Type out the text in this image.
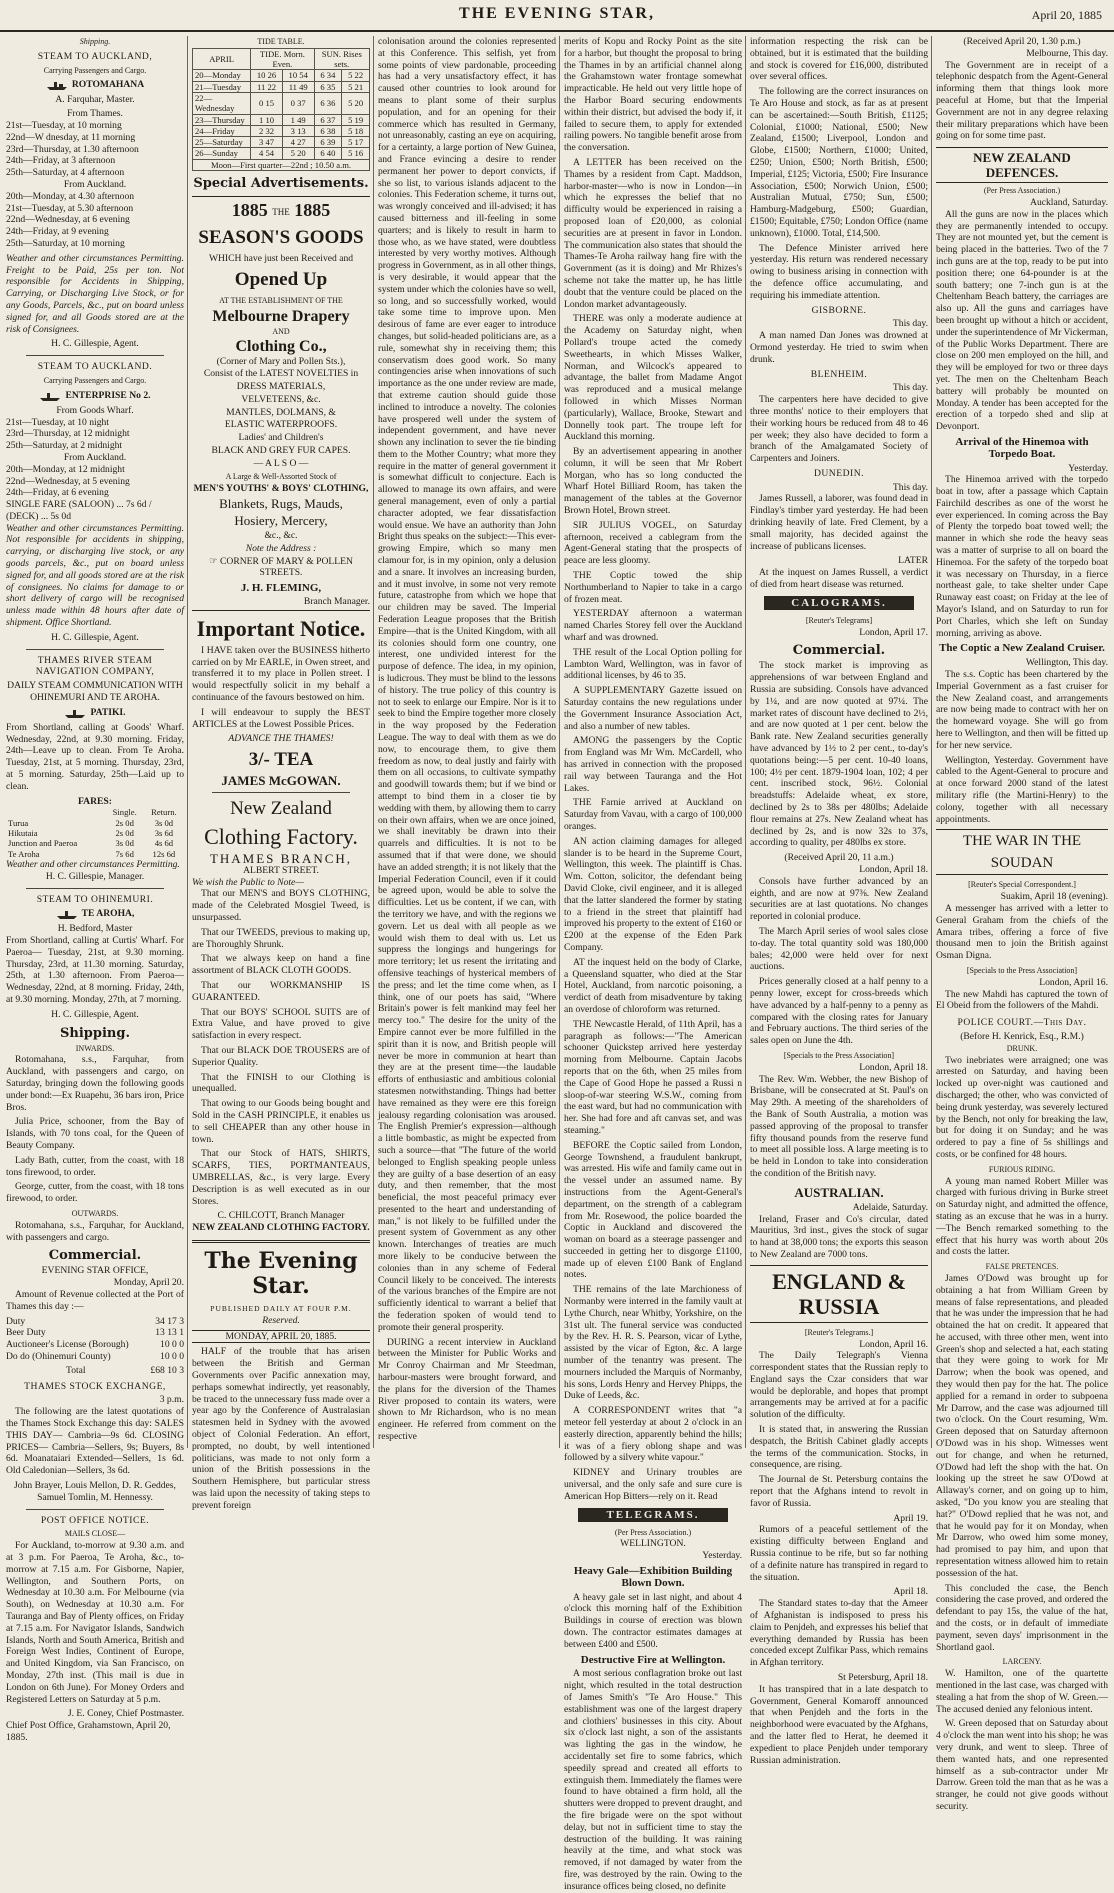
THE EVENING STAR,	April 20, 1885
Shipping.
STEAM TO AUCKLAND,
Carrying Passengers and Cargo.
ROTOMAHANA
A. Farquhar, Master.
From Thames.
21st—Tuesday, at 10 morning
22nd—W dnesday, at 11 morning
23rd—Thursday, at 1.30 afternoon
24th—Friday, at 3 afternoon
25th—Saturday, at 4 afternoon
From Auckland.
20th—Monday, at 4.30 afternoon
21st—Tuesday, at 5.30 afternoon
22nd—Wednesday, at 6 evening
24th—Friday, at 9 evening
25th—Saturday, at 10 morning

Weather and other circumstances Permitting. Freight to be Paid, 25s per ton. Not responsible for Accidents in Shipping, Carrying, or Discharging Live Stock, or for any Goods, Parcels, &c., put on board unless signed for, and all Goods stored are at the risk of Consignees.

H. C. Gillespie, Agent.
STEAM TO AUCKLAND.
Carrying Passengers and Cargo.
ENTERPRISE No 2.
From Goods Wharf.
21st—Tuesday, at 10 night
23rd—Thursday, at 12 midnight
25th—Saturday, at 2 midnight
From Auckland.
20th—Monday, at 12 midnight
22nd—Wednesday, at 5 evening
24th—Friday, at 6 evening
SINGLE FARE (SALOON) ... 7s 6d / (DECK) ... 5s 0d

Weather and other circumstances Permitting. Not responsible for accidents in shipping, carrying, or discharging live stock, or any goods parcels, &c., put on board unless signed for, and all goods stored are at the risk of consignees. No claims for damage to or short delivery of cargo will be recognised unless made within 48 hours after date of shipment. Office Shortland.

H. C. Gillespie, Agent.
THAMES RIVER STEAM NAVIGATION COMPANY,
DAILY STEAM COMMUNICATION WITH OHINEMURI AND TE AROHA.
PATIKI.

From Shortland, calling at Goods' Wharf. Wednesday, 22nd, at 9.30 morning. Friday, 24th—Leave up to clean. From Te Aroha. Tuesday, 21st, at 5 morning. Thursday, 23rd, at 5 morning. Saturday, 25th—Laid up to clean.

FARES:
	Single.	Return.
Turua	2s 0d	3s 0d
Hikutaia	2s 0d	3s 6d
Junction and Paeroa	3s 0d	4s 6d
Te Aroha	7s 6d	12s 6d
Weather and other circumstances Permitting.
H. C. Gillespie, Manager.
STEAM TO OHINEMURI.
TE AROHA,
H. Bedford, Master

From Shortland, calling at Curtis' Wharf. For Paeroa— Tuesday, 21st, at 9.30 morning. Thursday, 23rd, at 11.30 morning. Saturday, 25th, at 1.30 afternoon. From Paeroa— Wednesday, 22nd, at 8 morning. Friday, 24th, at 9.30 morning. Monday, 27th, at 7 morning.

H. C. Gillespie, Agent.
Shipping.
INWARDS.

Rotomahana, s.s., Farquhar, from Auckland, with passengers and cargo, on Saturday, bringing down the following goods under bond:—Ex Ruapehu, 36 bars iron, Price Bros.

Julia Price, schooner, from the Bay of Islands, with 70 tons coal, for the Queen of Beauty Company.

Lady Bath, cutter, from the coast, with 18 tons firewood, to order.

George, cutter, from the coast, with 18 tons firewood, to order.

OUTWARDS.

Rotomahana, s.s., Farquhar, for Auckland, with passengers and cargo.

Commercial.
EVENING STAR OFFICE,
Monday, April 20.

Amount of Revenue collected at the Port of Thames this day :—

Duty	34 17 3
Beer Duty	13 13 1
Auctioneer's License (Borough)	10 0 0
Do do (Ohinemuri County)	10 0 0
Total	£68 10 3
THAMES STOCK EXCHANGE,
3 p.m.

The following are the latest quotations of the Thames Stock Exchange this day: SALES THIS DAY— Cambria—9s 6d. CLOSING PRICES— Cambria—Sellers, 9s; Buyers, 8s 6d. Moanataiari Extended—Sellers, 1s 6d. Old Caledonian—Sellers, 3s 6d.

John Brayer, Louis Mellon, D. R. Geddes, Samuel Tomlin, M. Hennessy.
POST OFFICE NOTICE.
MAILS CLOSE—

For Auckland, to-morrow at 9.30 a.m. and at 3 p.m. For Paeroa, Te Aroha, &c., to-morrow at 7.15 a.m. For Gisborne, Napier, Wellington, and Southern Ports, on Wednesday at 10.30 a.m. For Melbourne (via South), on Wednesday at 10.30 a.m. For Tauranga and Bay of Plenty offices, on Friday at 7.15 a.m. For Navigator Islands, Sandwich Islands, North and South America, British and Foreign West Indies, Continent of Europe, and United Kingdom, via San Francisco, on Monday, 27th inst. (This mail is due in London on 6th June). For Money Orders and Registered Letters on Saturday at 5 p.m.

J. E. Coney, Chief Postmaster.
Chief Post Office, Grahamstown, April 20, 1885.
TIDE TABLE.
APRIL	TIDE. Morn. Even.		SUN. Rises sets.	
20—Monday	10 26	10 54	6 34	5 22
21—Tuesday	11 22	11 49	6 35	5 21
22—Wednesday	0 15	0 37	6 36	5 20
23—Thursday	1 10	1 49	6 37	5 19
24—Friday	2 32	3 13	6 38	5 18
25—Saturday	3 47	4 27	6 39	5 17
26—Sunday	4 54	5 20	6 40	5 16
Moon—First quarter—22nd ; 10.50 a.m.				
Special Advertisements.
1885 THE 1885
SEASON'S GOODS
WHICH have just been Received and
Opened Up
AT THE ESTABLISHMENT OF THE
Melbourne Drapery
AND
Clothing Co.,
(Corner of Mary and Pollen Sts.),
Consist of the LATEST NOVELTIES in
DRESS MATERIALS,
VELVETEENS, &c.
MANTLES, DOLMANS, &
ELASTIC WATERPROOFS.
Ladies' and Children's
BLACK AND GREY FUR CAPES.
— A L S O —
A Large & Well-Assorted Stock of
MEN'S YOUTHS' & BOYS' CLOTHING,
Blankets, Rugs, Mauds,
Hosiery, Mercery,
&c., &c.
Note the Address :
☞ CORNER OF MARY & POLLEN STREETS.
J. H. FLEMING,
Branch Manager.
Important Notice.

I HAVE taken over the BUSINESS hitherto carried on by Mr EARLE, in Owen street, and transferred it to my place in Pollen street. I would respectfully solicit in my behalf a continuance of the favours bestowed on him.

I will endeavour to supply the BEST ARTICLES at the Lowest Possible Prices.

ADVANCE THE THAMES!
3/- TEA
JAMES McGOWAN.
New Zealand
Clothing Factory.
THAMES BRANCH,
ALBERT STREET.
We wish the Public to Note—

That our MEN'S and BOYS CLOTHING, made of the Celebrated Mosgiel Tweed, is unsurpassed.

That our TWEEDS, previous to making up, are Thoroughly Shrunk.

That we always keep on hand a fine assortment of BLACK CLOTH GOODS.

That our WORKMANSHIP IS GUARANTEED.

That our BOYS' SCHOOL SUITS are of Extra Value, and have proved to give satisfaction in every respect.

That our BLACK DOE TROUSERS are of Superior Quality.

That the FINISH to our Clothing is unequalled.

That owing to our Goods being bought and Sold in the CASH PRINCIPLE, it enables us to sell CHEAPER than any other house in town.

That our Stock of HATS, SHIRTS, SCARFS, TIES, PORTMANTEAUS, UMBRELLAS, &c., is very large. Every Description is as well executed as in our Stores.

C. CHILCOTT, Branch Manager
NEW ZEALAND CLOTHING FACTORY.
The Evening Star.
PUBLISHED DAILY AT FOUR P.M.
Reserved.
MONDAY, APRIL 20, 1885.

HALF of the trouble that has arisen between the British and German Governments over Pacific annexation may, perhaps somewhat indirectly, yet reasonably, be traced to the unnecessary fuss made over a year ago by the Conference of Australasian statesmen held in Sydney with the avowed object of Colonial Federation. An effort, prompted, no doubt, by well intentioned politicians, was made to not only form a union of the British possessions in the Southern Hemisphere, but particular stress was laid upon the necessity of taking steps to prevent foreign

colonisation around the colonies represented at this Conference. This selfish, yet from some points of view pardonable, proceeding has had a very unsatisfactory effect, it has caused other countries to look around for means to plant some of their surplus population, and for an opening for their commerce which has resulted in Germany, not unreasonably, casting an eye on acquiring, for a certainty, a large portion of New Guinea, and France evincing a desire to render permanent her power to deport convicts, if she so list, to various islands adjacent to the colonies. This Federation scheme, it turns out, was wrongly conceived and ill-advised; it has caused bitterness and ill-feeling in some quarters; and is likely to result in harm to those who, as we have stated, were doubtless interested by very worthy motives. Although progress in Government, as in all other things, is very desirable, it would appear that the system under which the colonies have so well, so long, and so successfully worked, would take some time to improve upon. Men desirous of fame are ever eager to introduce changes, but solid-headed politicians are, as a rule, somewhat shy in receiving them; this conservatism does good work. So many contingencies arise when innovations of such importance as the one under review are made, that extreme caution should guide those inclined to introduce a novelty. The colonies have prospered well under the system of independent government, and have never shown any inclination to sever the tie binding them to the Mother Country; what more they require in the matter of general government it is somewhat difficult to conjecture. Each is allowed to manage its own affairs, and were general management, even of only a partial character adopted, we fear dissatisfaction would ensue. We have an authority than John Bright thus speaks on the subject:—This ever-growing Empire, which so many men clamour for, is in my opinion, only a delusion and a snare. It involves an increasing burden, and it must involve, in some not very remote future, catastrophe from which we hope that our children may be saved. The Imperial Federation League proposes that the British Empire—that is the United Kingdom, with all its colonies should form one country, one interest, one undivided interest for the purpose of defence. The idea, in my opinion, is ludicrous. They must be blind to the lessons of history. The true policy of this country is not to seek to enlarge our Empire. Nor is it to seek to bind the Empire together more closely in the way proposed by the Federation League. The way to deal with them as we do now, to encourage them, to give them freedom as now, to deal justly and fairly with them on all occasions, to cultivate sympathy and goodwill towards them; but if we bind or attempt to bind them in a closer tie by wedding with them, by allowing them to carry on their own affairs, when we are once joined, we shall inevitably be drawn into their quarrels and difficulties. It is not to be assumed that if that were done, we should have an added strength; it is not likely that the Imperial Federation Council, even if it could be agreed upon, would be able to solve the difficulties. Let us be content, if we can, with the territory we have, and with the regions we govern. Let us deal with all people as we would wish them to deal with us. Let us suppress the longings and hungerings for more territory; let us resent the irritating and offensive teachings of hysterical members of the press; and let the time come when, as I think, one of our poets has said, "Where Britain's power is felt mankind may feel her mercy too." The desire for the unity of the Empire cannot ever be more fulfilled in the spirit than it is now, and British people will never be more in communion at heart than they are at the present time—the laudable efforts of enthusiastic and ambitious colonial statesmen notwithstanding. Things had better have remained as they were ere this foreign jealousy regarding colonisation was aroused. The English Premier's expression—although a little bombastic, as might be expected from such a source—that "The future of the world belonged to English speaking people unless they are guilty of a base desertion of an easy duty, and then remember, that the most beneficial, the most peaceful primacy ever presented to the heart and understanding of man," is not likely to be fulfilled under the present system of Government as any other known. Interchanges of treaties are much more likely to be conducive between the colonies than in any scheme of Federal Council likely to be conceived. The interests of the various branches of the Empire are not sufficiently identical to warrant a belief that the federation spoken of would tend to promote their general prosperity.

DURING a recent interview in Auckland between the Minister for Public Works and Mr Conroy Chairman and Mr Steedman, harbour-masters were brought forward, and the plans for the diversion of the Thames River proposed to contain its waters, were shown to Mr Richardson, who is no mean engineer. He referred from comment on the respective

merits of Kopu and Rocky Point as the site for a harbor, but thought the proposal to bring the Thames in by an artificial channel along the Grahamstown water frontage somewhat impracticable. He held out very little hope of the Harbor Board securing endowments within their district, but advised the body if, it failed to secure them, to apply for extended railing powers. No tangible benefit arose from the conversation.

A LETTER has been received on the Thames by a resident from Capt. Maddson, harbor-master—who is now in London—in which he expresses the belief that no difficulty would be experienced in raising a proposed loan of £20,000, as colonial securities are at present in favor in London. The communication also states that should the Thames-Te Aroha railway hang fire with the Government (as it is doing) and Mr Rhizes's scheme not take the matter up, he has little doubt that the venture could be placed on the London market advantageously.

THERE was only a moderate audience at the Academy on Saturday night, when Pollard's troupe acted the comedy Sweethearts, in which Misses Walker, Norman, and Wilcock's appeared to advantage, the ballet from Madame Angot was reproduced and a musical melange followed in which Misses Norman (particularly), Wallace, Brooke, Stewart and Donnelly took part. The troupe left for Auckland this morning.

By an advertisement appearing in another column, it will be seen that Mr Robert Morgan, who has so long conducted the Wharf Hotel Billiard Room, has taken the management of the tables at the Governor Brown Hotel, Brown street.

SIR JULIUS VOGEL, on Saturday afternoon, received a cablegram from the Agent-General stating that the prospects of peace are less gloomy.

THE Coptic towed the ship Northumberland to Napier to take in a cargo of frozen meat.

YESTERDAY afternoon a waterman named Charles Storey fell over the Auckland wharf and was drowned.

THE result of the Local Option polling for Lambton Ward, Wellington, was in favor of additional licenses, by 46 to 35.

A SUPPLEMENTARY Gazette issued on Saturday contains the new regulations under the Government Insurance Association Act, and also a number of new tables.

AMONG the passengers by the Coptic from England was Mr Wm. McCardell, who has arrived in connection with the proposed rail way between Tauranga and the Hot Lakes.

THE Farnie arrived at Auckland on Saturday from Vavau, with a cargo of 100,000 oranges.

AN action claiming damages for alleged slander is to be heard in the Supreme Court, Wellington, this week. The plaintiff is Chas. Wm. Cotton, solicitor, the defendant being David Cloke, civil engineer, and it is alleged that the latter slandered the former by stating to a friend in the street that plaintiff had improved his property to the extent of £160 or £200 at the expense of the Eden Park Company.

AT the inquest held on the body of Clarke, a Queensland squatter, who died at the Star Hotel, Auckland, from narcotic poisoning, a verdict of death from misadventure by taking an overdose of chloroform was returned.

THE Newcastle Herald, of 11th April, has a paragraph as follows:—"The American schooner Quickstep arrived here yesterday morning from Melbourne. Captain Jacobs reports that on the 6th, when 25 miles from the Cape of Good Hope he passed a Russi n sloop-of-war steering W.S.W., coming from the east ward, but had no communication with her. She had fore and aft canvas set, and was steaming."

BEFORE the Coptic sailed from London, George Townshend, a fraudulent bankrupt, was arrested. His wife and family came out in the vessel under an assumed name. By instructions from the Agent-General's department, on the strength of a cablegram from Mr. Rosewood, the police boarded the Coptic in Auckland and discovered the woman on board as a steerage passenger and succeeded in getting her to disgorge £1100, made up of eleven £100 Bank of England notes.

THE remains of the late Marchioness of Normanby were interred in the family vault at Lythe Church, near Whitby, Yorkshire, on the 31st ult. The funeral service was conducted by the Rev. H. R. S. Pearson, vicar of Lythe, assisted by the vicar of Egton, &c. A large number of the tenantry was present. The mourners included the Marquis of Normanby, his sons, Lords Henry and Hervey Phipps, the Duke of Leeds, &c.

A CORRESPONDENT writes that "a meteor fell yesterday at about 2 o'clock in an easterly direction, apparently behind the hills; it was of a fiery oblong shape and was followed by a silvery white vapour."

KIDNEY and Urinary troubles are universal, and the only safe and sure cure is American Hop Bitters—rely on it. Read

TELEGRAMS.
(Per Press Association.)
WELLINGTON.
Yesterday.
Heavy Gale—Exhibition Building Blown Down.

A heavy gale set in last night, and about 4 o'clock this morning half of the Exhibition Buildings in course of erection was blown down. The contractor estimates damages at between £400 and £500.

Destructive Fire at Wellington.

A most serious conflagration broke out last night, which resulted in the total destruction of James Smith's "Te Aro House." This establishment was one of the largest drapery and clothiers' businesses in this city. About six o'clock last night, a son of the assistants was lighting the gas in the window, he accidentally set fire to some fabrics, which speedily spread and created all efforts to extinguish them. Immediately the flames were found to have obtained a firm hold, all the shutters were dropped to prevent draught, and the fire brigade were on the spot without delay, but not in sufficient time to stay the destruction of the building. It was raining heavily at the time, and what stock was removed, if not damaged by water from the fire, was destroyed by the rain. Owing to the insurance offices being closed, no definite

information respecting the risk can be obtained, but it is estimated that the building and stock is covered for £16,000, distributed over several offices.

The following are the correct insurances on Te Aro House and stock, as far as at present can be ascertained:—South British, £1125; Colonial, £1000; National, £500; New Zealand, £1500; Liverpool, London and Globe, £1500; Northern, £1000; United, £250; Union, £500; North British, £500; Imperial, £125; Victoria, £500; Fire Insurance Association, £500; Norwich Union, £500; Australian Mutual, £750; Sun, £500; Hamburg-Madgeburg, £500; Guardian, £1500; Equitable, £750; London Office (name unknown), £1000. Total, £14,500.

The Defence Minister arrived here yesterday. His return was rendered necessary owing to business arising in connection with the defence office accumulating, and requiring his immediate attention.

GISBORNE.
This day.

A man named Dan Jones was drowned at Ormond yesterday. He tried to swim when drunk.

BLENHEIM.
This day.

The carpenters here have decided to give three months' notice to their employers that their working hours be reduced from 48 to 46 per week; they also have decided to form a branch of the Amalgamated Society of Carpenters and Joiners.

DUNEDIN.
This day.

James Russell, a laborer, was found dead in Findlay's timber yard yesterday. He had been drinking heavily of late. Fred Clement, by a small majority, has decided against the increase of publicans licenses.

LATER

At the inquest on James Russell, a verdict of died from heart disease was returned.

CALOGRAMS.
[Reuter's Telegrams]
London, April 17.
Commercial.

The stock market is improving as apprehensions of war between England and Russia are subsiding. Consols have advanced by 1¼, and are now quoted at 97¼. The market rates of discount have declined to 2½, and are now quoted at 1 per cent. below the Bank rate. New Zealand securities generally have advanced by 1½ to 2 per cent., to-day's quotations being:—5 per cent. 10-40 loans, 100; 4½ per cent. 1879-1904 loan, 102; 4 per cent. inscribed stock, 96½. Colonial breadstuffs: Adelaide wheat, ex store, declined by 2s to 38s per 480lbs; Adelaide flour remains at 27s. New Zealand wheat has declined by 2s, and is now 32s to 37s, according to quality, per 480lbs ex store.

(Received April 20, 11 a.m.)
London, April 18.

Consols have further advanced by an eighth, and are now at 97⅜. New Zealand securities are at last quotations. No changes reported in colonial produce.

The March April series of wool sales close to-day. The total quantity sold was 180,000 bales; 42,000 were held over for next auctions.

Prices generally closed at a half penny to a penny lower, except for cross-breeds which have advanced by a half-penny to a penny as compared with the closing rates for January and February auctions. The third series of the sales open on June the 4th.

[Specials to the Press Association]
London, April 18.

The Rev. Wm. Webber, the new Bishop of Brisbane, will be consecrated at St. Paul's on May 29th. A meeting of the shareholders of the Bank of South Australia, a motion was passed approving of the proposal to transfer fifty thousand pounds from the reserve fund to meet all possible loss. A large meeting is to be held in London to take into consideration the condition of the British navy.

AUSTRALIAN.
Adelaide, Saturday.

Ireland, Fraser and Co's circular, dated Mauritius, 3rd inst., gives the stock of sugar to hand at 38,000 tons; the exports this season to New Zealand are 7000 tons.

ENGLAND & RUSSIA
[Reuter's Telegrams.]
London, April 16.

The Daily Telegraph's Vienna correspondent states that the Russian reply to England says the Czar considers that war would be deplorable, and hopes that prompt arrangements may be arrived at for a pacific solution of the difficulty.

It is stated that, in answering the Russian despatch, the British Cabinet gladly accepts the terms of the communication. Stocks, in consequence, are rising.

The Journal de St. Petersburg contains the report that the Afghans intend to revolt in favor of Russia.

April 19.

Rumors of a peaceful settlement of the existing difficulty between England and Russia continue to be rife, but so far nothing of a definite nature has transpired in regard to the situation.

April 18.

The Standard states to-day that the Ameer of Afghanistan is indisposed to press his claim to Penjdeh, and expresses his belief that everything demanded by Russia has been conceded except Zulfikar Pass, which remains in Afghan territory.

St Petersburg, April 18.

It has transpired that in a late despatch to Government, General Komaroff announced that when Penjdeh and the forts in the neighborhood were evacuated by the Afghans, and the latter fled to Herat, he deemed it expedient to place Penjdeh under temporary Russian administration.

(Received April 20, 1.30 p.m.)
Melbourne, This day.

The Government are in receipt of a telephonic despatch from the Agent-General informing them that things look more peaceful at Home, but that the Imperial Government are not in any degree relaxing their military preparations which have been going on for some time past.

NEW ZEALAND DEFENCES.
(Per Press Association.)
Auckland, Saturday.

All the guns are now in the places which they are permanently intended to occupy. They are not mounted yet, but the cement is being placed in the batteries. Two of the 7 inch guns are at the top, ready to be put into position there; one 64-pounder is at the south battery; one 7-inch gun is at the Cheltenham Beach battery, the carriages are also up. All the guns and carriages have been brought up without a hitch or accident, under the superintendence of Mr Vickerman, of the Public Works Department. There are close on 200 men employed on the hill, and they will be employed for two or three days yet. The men on the Cheltenham Beach battery will probably be mounted on Monday. A tender has been accepted for the erection of a torpedo shed and slip at Devonport.

Arrival of the Hinemoa with Torpedo Boat.
Yesterday.

The Hinemoa arrived with the torpedo boat in tow, after a passage which Captain Fairchild describes as one of the worst he ever experienced. In coming across the Bay of Plenty the torpedo boat towed well; the manner in which she rode the heavy seas was a matter of surprise to all on board the Hinemoa. For the safety of the torpedo boat it was necessary on Thursday, in a fierce northeast gale, to take shelter under Cape Runaway east coast; on Friday at the lee of Mayor's Island, and on Saturday to run for Port Charles, which she left on Sunday morning, arriving as above.

The Coptic a New Zealand Cruiser.
Wellington, This day.

The s.s. Coptic has been chartered by the Imperial Government as a fast cruiser for the New Zealand coast, and arrangements are now being made to contract with her on the homeward voyage. She will go from here to Wellington, and then will be fitted up for her new service.

Wellington, Yesterday. Government have cabled to the Agent-General to procure and at once forward 2000 stand of the latest military rifle (the Martini-Henry) to the colony, together with all necessary appointments.

THE WAR IN THE SOUDAN
[Reuter's Special Correspondent.]
Suakim, April 18 (evening).

A messenger has arrived with a letter to General Graham from the chiefs of the Amara tribes, offering a force of five thousand men to join the British against Osman Digna.

[Specials to the Press Association]
London, April 16.

The new Mahdi has captured the town of El Obeid from the followers of the Mahdi.

POLICE COURT.—This Day.
(Before H. Kenrick, Esq., R.M.)
DRUNK.

Two inebriates were arraigned; one was arrested on Saturday, and having been locked up over-night was cautioned and discharged; the other, who was convicted of being drunk yesterday, was severely lectured by the Bench, not only for breaking the law, but for doing it on Sunday; and he was ordered to pay a fine of 5s shillings and costs, or be confined for 48 hours.

FURIOUS RIDING.

A young man named Robert Miller was charged with furious driving in Burke street on Saturday night, and admitted the offence, stating as an excuse that he was in a hurry.—The Bench remarked something to the effect that his hurry was worth about 20s and costs the latter.

FALSE PRETENCES.

James O'Dowd was brought up for obtaining a hat from William Green by means of false representations, and pleaded that he was under the impression that he had obtained the hat on credit. It appeared that he accused, with three other men, went into Green's shop and selected a hat, each stating that they were going to work for Mr Darrow; when the book was opened, and they would then pay for the hat. The police applied for a remand in order to subpoena Mr Darrow, and the case was adjourned till two o'clock. On the Court resuming, Wm. Green deposed that on Saturday afternoon O'Dowd was in his shop. Witnesses went out for change, and when he returned, O'Dowd had left the shop with the hat. On looking up the street he saw O'Dowd at Allaway's corner, and on going up to him, asked, "Do you know you are stealing that hat?" O'Dowd replied that he was not, and that he would pay for it on Monday, when Mr Darrow, who owed him some money, had promised to pay him, and upon that representation witness allowed him to retain possession of the hat.

This concluded the case, the Bench considering the case proved, and ordered the defendant to pay 15s, the value of the hat, and the costs, or in default of immediate payment, seven days' imprisonment in the Shortland gaol.

LARCENY.

W. Hamilton, one of the quartette mentioned in the last case, was charged with stealing a hat from the shop of W. Green.—The accused denied any felonious intent.

W. Green deposed that on Saturday about 4 o'clock the man went into his shop; he was very drunk, and went to sleep. Three of them wanted hats, and one represented himself as a sub-contractor under Mr Darrow. Green told the man that as he was a stranger, he could not give goods without security.
